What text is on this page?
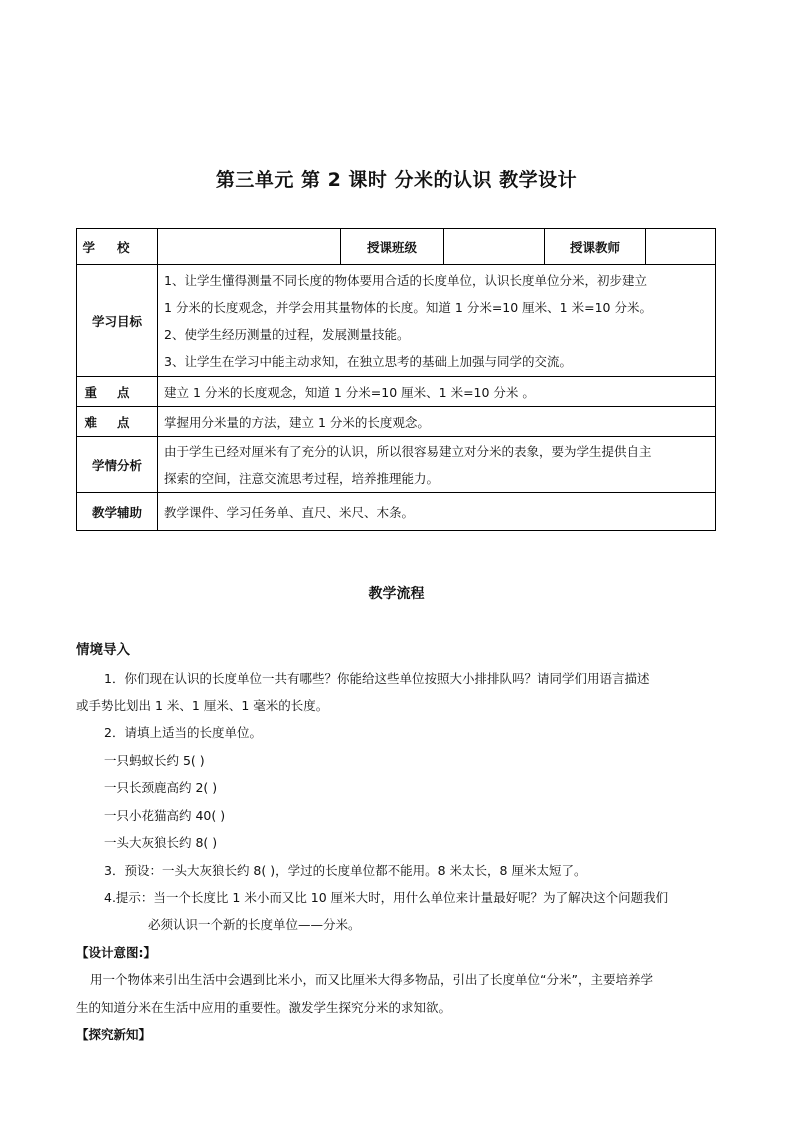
第三单元 第 2 课时 分米的认识 教学设计
学校		授课班级		授课教师	
学习目标	1、让学生懂得测量不同长度的物体要用合适的长度单位，认识长度单位分米，初步建立
1 分米的长度观念，并学会用其量物体的长度。知道 1 分米=10 厘米、1 米=10 分米。
2、使学生经历测量的过程，发展测量技能。
3、让学生在学习中能主动求知，在独立思考的基础上加强与同学的交流。				

重点	建立 1 分米的长度观念，知道 1 分米=10 厘米、1 米=10 分米 。				
难点	掌握用分米量的方法，建立 1 分米的长度观念。				
学情分析	由于学生已经对厘米有了充分的认识，所以很容易建立对分米的表象，要为学生提供自主
探索的空间，注意交流思考过程，培养推理能力。				

教学辅助	教学课件、学习任务单、直尺、米尺、木条。				
教学流程
情境导入
1．你们现在认识的长度单位一共有哪些？你能给这些单位按照大小排排队吗？请同学们用语言描述
或手势比划出 1 米、1 厘米、1 毫米的长度。
2．请填上适当的长度单位。
一只蚂蚁长约 5( )
一只长颈鹿高约 2( )
一只小花猫高约 40( )
一头大灰狼长约 8( )
3．预设：一头大灰狼长约 8( )，学过的长度单位都不能用。8 米太长，8 厘米太短了。
4.提示：当一个长度比 1 米小而又比 10 厘米大时，用什么单位来计量最好呢？为了解决这个问题我们
必须认识一个新的长度单位——分米。
【设计意图:】
用一个物体来引出生活中会遇到比米小，而又比厘米大得多物品，引出了长度单位“分米”，主要培养学
生的知道分米在生活中应用的重要性。激发学生探究分米的求知欲。
【探究新知】
